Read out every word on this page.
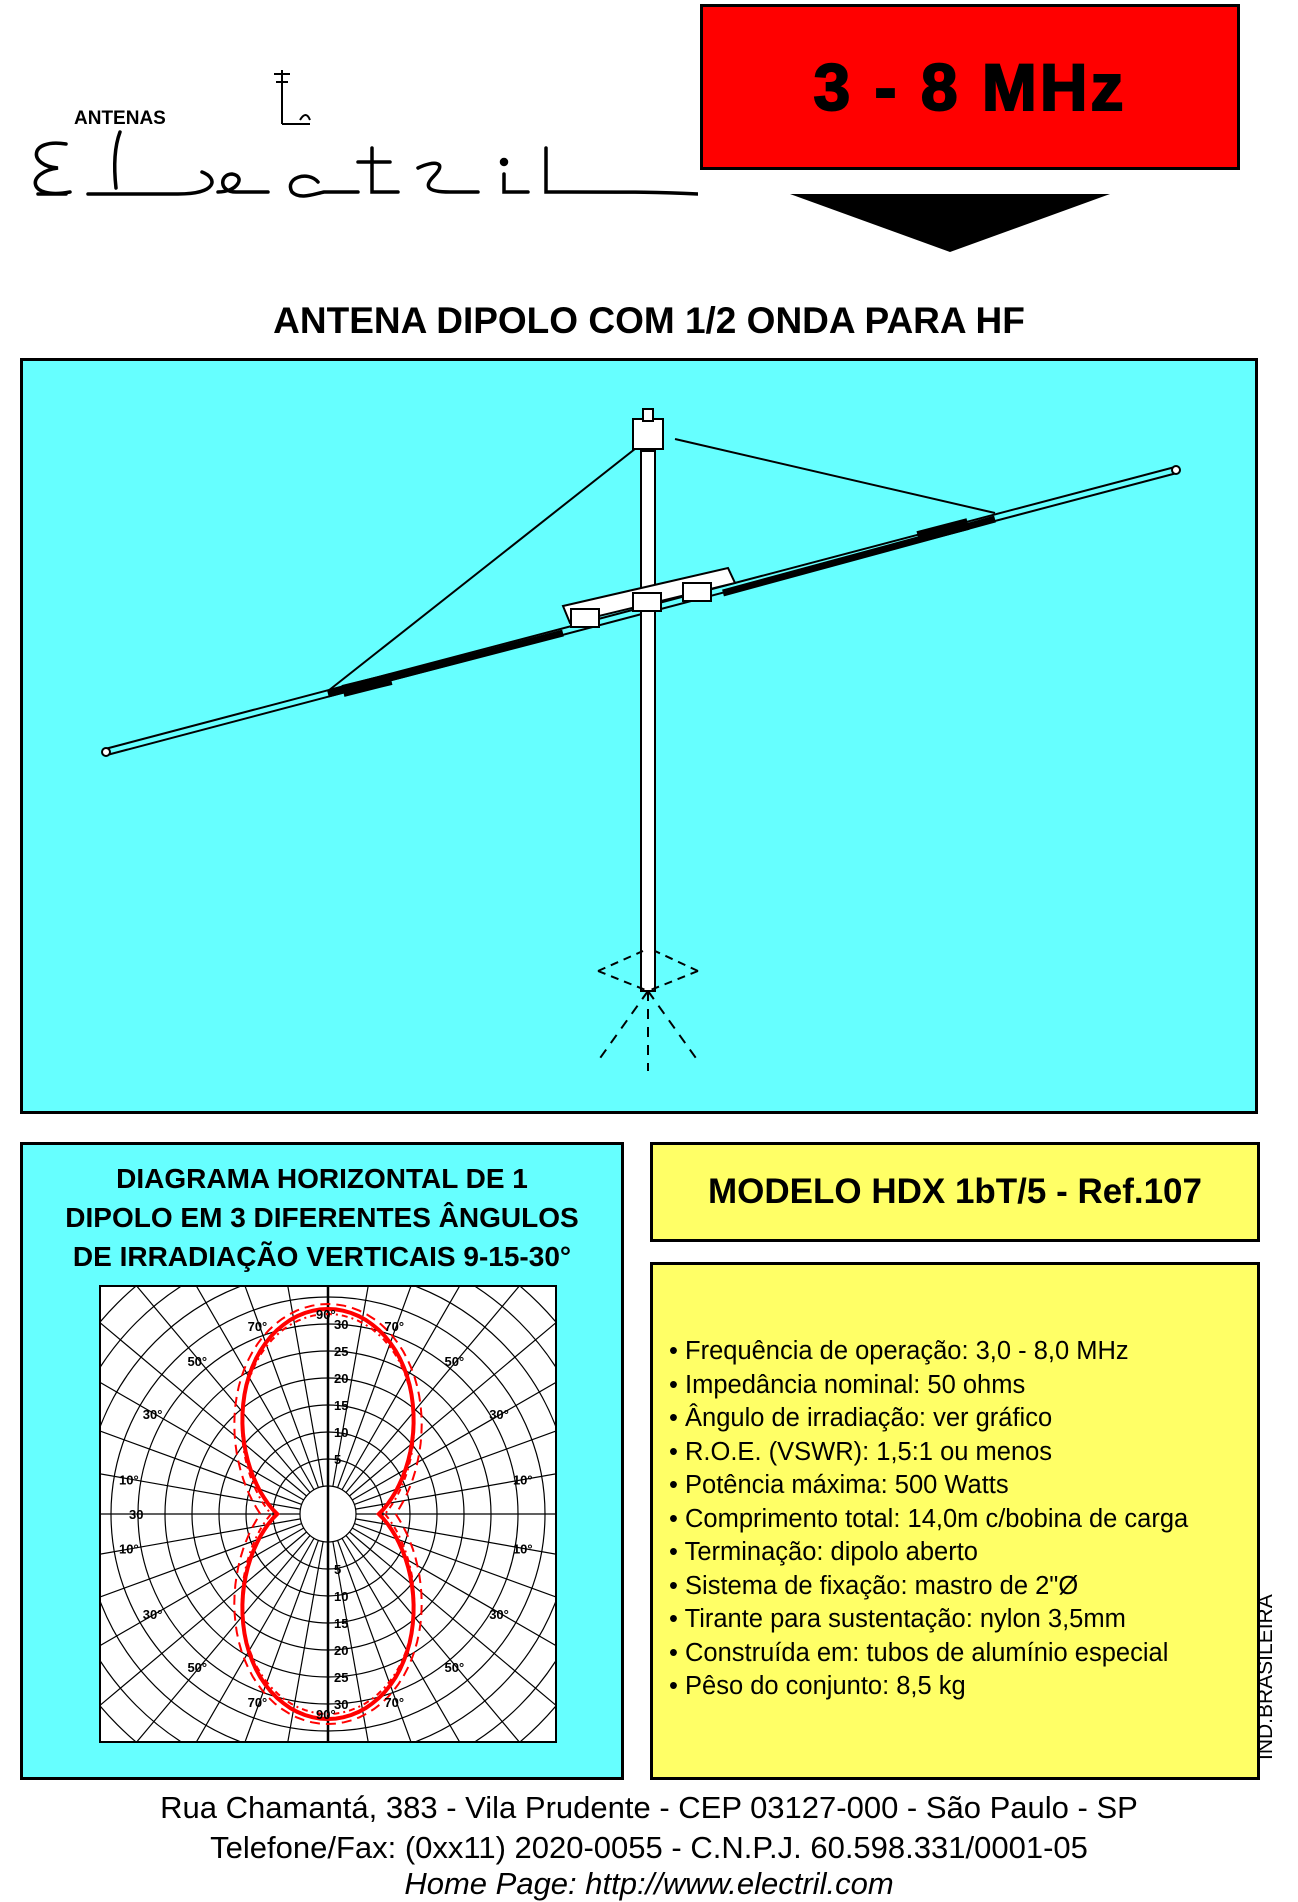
ANTENAS	3 - 8 MHz
ANTENA DIPOLO COM 1/2 ONDA PARA HF
DIAGRAMA HORIZONTAL DE 1
DIPOLO EM 3 DIFERENTES ÂNGULOS
DE IRRADIAÇÃO VERTICAIS 9-15-30°
5
5
10
10
15
15
20
20
25
25
30
30
30
90°
70°
50°
30°
10°
10°
30°
50°
70°
90°
70°
50°
30°
10°
10°
30°
50°
70°
MODELO HDX 1bT/5 - Ref.107
• Frequência de operação: 3,0 - 8,0 MHz
• Impedância nominal: 50 ohms
• Ângulo de irradiação: ver gráfico
• R.O.E. (VSWR): 1,5:1 ou menos
• Potência máxima: 500 Watts
• Comprimento total: 14,0m c/bobina de carga
• Terminação: dipolo aberto
• Sistema de fixação: mastro de 2"Ø
• Tirante para sustentação: nylon 3,5mm
• Construída em: tubos de alumínio especial
• Pêso do conjunto: 8,5 kg	IND.BRASILEIRA
Rua Chamantá, 383 - Vila Prudente - CEP 03127-000 - São Paulo - SP
Telefone/Fax: (0xx11) 2020-0055 - C.N.P.J. 60.598.331/0001-05
Home Page: http://www.electril.com
